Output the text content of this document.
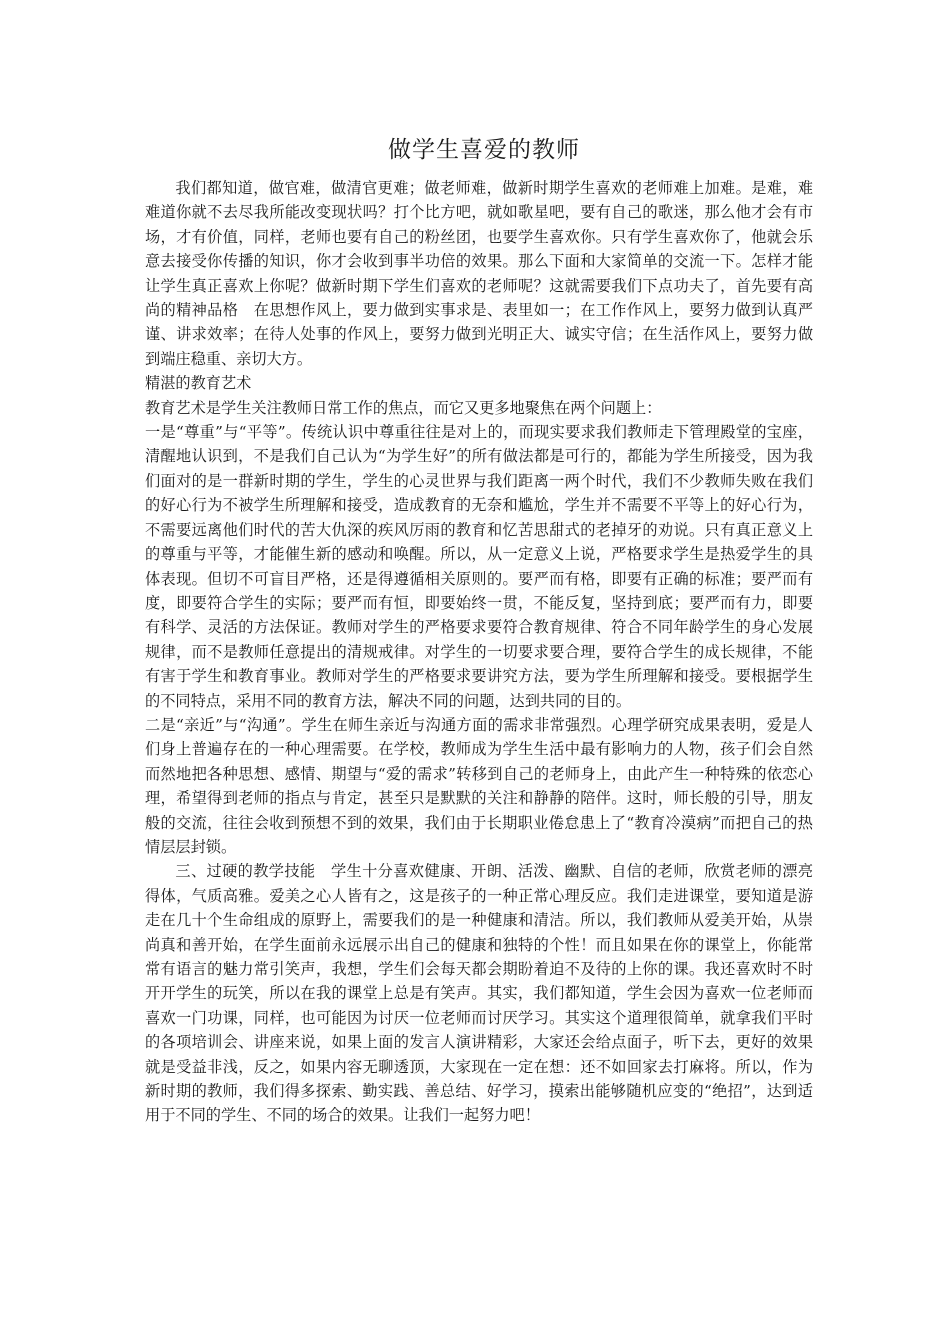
做学生喜爱的教师

我们都知道，做官难，做清官更难；做老师难，做新时期学生喜欢的老师难上加难。是难，难难道你就不去尽我所能改变现状吗？打个比方吧，就如歌星吧，要有自己的歌迷，那么他才会有市场，才有价值，同样，老师也要有自己的粉丝团，也要学生喜欢你。只有学生喜欢你了，他就会乐意去接受你传播的知识，你才会收到事半功倍的效果。那么下面和大家简单的交流一下。怎样才能让学生真正喜欢上你呢？做新时期下学生们喜欢的老师呢？这就需要我们下点功夫了，首先要有高尚的精神品格　在思想作风上，要力做到实事求是、表里如一；在工作作风上，要努力做到认真严谨、讲求效率；在待人处事的作风上，要努力做到光明正大、诚实守信；在生活作风上，要努力做到端庄稳重、亲切大方。

精湛的教育艺术

教育艺术是学生关注教师日常工作的焦点，而它又更多地聚焦在两个问题上：

一是“尊重”与“平等”。传统认识中尊重往往是对上的，而现实要求我们教师走下管理殿堂的宝座，清醒地认识到，不是我们自己认为“为学生好”的所有做法都是可行的，都能为学生所接受，因为我们面对的是一群新时期的学生，学生的心灵世界与我们距离一两个时代，我们不少教师失败在我们的好心行为不被学生所理解和接受，造成教育的无奈和尴尬，学生并不需要不平等上的好心行为，不需要远离他们时代的苦大仇深的疾风厉雨的教育和忆苦思甜式的老掉牙的劝说。只有真正意义上的尊重与平等，才能催生新的感动和唤醒。所以，从一定意义上说，严格要求学生是热爱学生的具体表现。但切不可盲目严格，还是得遵循相关原则的。要严而有格，即要有正确的标准；要严而有度，即要符合学生的实际；要严而有恒，即要始终一贯，不能反复，坚持到底；要严而有力，即要有科学、灵活的方法保证。教师对学生的严格要求要符合教育规律、符合不同年龄学生的身心发展规律，而不是教师任意提出的清规戒律。对学生的一切要求要合理，要符合学生的成长规律，不能有害于学生和教育事业。教师对学生的严格要求要讲究方法，要为学生所理解和接受。要根据学生的不同特点，采用不同的教育方法，解决不同的问题，达到共同的目的。

二是“亲近”与“沟通”。学生在师生亲近与沟通方面的需求非常强烈。心理学研究成果表明，爱是人们身上普遍存在的一种心理需要。在学校，教师成为学生生活中最有影响力的人物，孩子们会自然而然地把各种思想、感情、期望与“爱的需求”转移到自己的老师身上，由此产生一种特殊的依恋心理，希望得到老师的指点与肯定，甚至只是默默的关注和静静的陪伴。这时，师长般的引导，朋友般的交流，往往会收到预想不到的效果，我们由于长期职业倦怠患上了“教育冷漠病”而把自己的热情层层封锁。

三、过硬的教学技能　学生十分喜欢健康、开朗、活泼、幽默、自信的老师，欣赏老师的漂亮得体，气质高雅。爱美之心人皆有之，这是孩子的一种正常心理反应。我们走进课堂，要知道是游走在几十个生命组成的原野上，需要我们的是一种健康和清洁。所以，我们教师从爱美开始，从崇尚真和善开始，在学生面前永远展示出自己的健康和独特的个性！而且如果在你的课堂上，你能常常有语言的魅力常引笑声，我想，学生们会每天都会期盼着迫不及待的上你的课。我还喜欢时不时开开学生的玩笑，所以在我的课堂上总是有笑声。其实，我们都知道，学生会因为喜欢一位老师而喜欢一门功课，同样，也可能因为讨厌一位老师而讨厌学习。其实这个道理很简单，就拿我们平时的各项培训会、讲座来说，如果上面的发言人演讲精彩，大家还会给点面子，听下去，更好的效果就是受益非浅，反之，如果内容无聊透顶，大家现在一定在想：还不如回家去打麻将。所以，作为新时期的教师，我们得多探索、勤实践、善总结、好学习，摸索出能够随机应变的“绝招”，达到适用于不同的学生、不同的场合的效果。让我们一起努力吧！
